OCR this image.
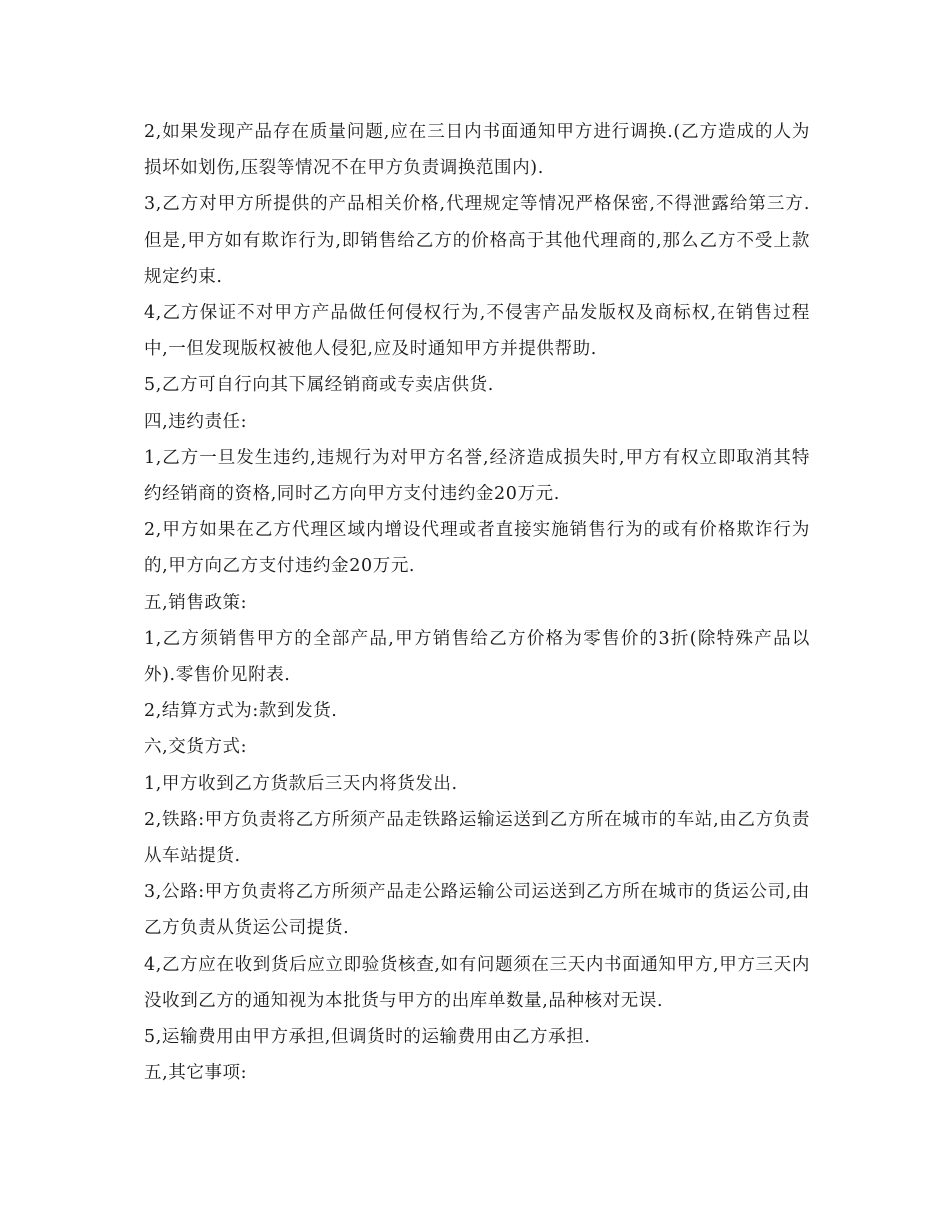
2,如果发现产品存在质量问题,应在三日内书面通知甲方进行调换.(乙方造成的人为损坏如划伤,压裂等情况不在甲方负责调换范围内).

3,乙方对甲方所提供的产品相关价格,代理规定等情况严格保密,不得泄露给第三方.但是,甲方如有欺诈行为,即销售给乙方的价格高于其他代理商的,那么乙方不受上款规定约束.

4,乙方保证不对甲方产品做任何侵权行为,不侵害产品发版权及商标权,在销售过程中,一但发现版权被他人侵犯,应及时通知甲方并提供帮助.

5,乙方可自行向其下属经销商或专卖店供货.

四,违约责任:

1,乙方一旦发生违约,违规行为对甲方名誉,经济造成损失时,甲方有权立即取消其特约经销商的资格,同时乙方向甲方支付违约金20万元.

2,甲方如果在乙方代理区域内增设代理或者直接实施销售行为的或有价格欺诈行为的,甲方向乙方支付违约金20万元.

五,销售政策:

1,乙方须销售甲方的全部产品,甲方销售给乙方价格为零售价的3折(除特殊产品以外).零售价见附表.

2,结算方式为:款到发货.

六,交货方式:

1,甲方收到乙方货款后三天内将货发出.

2,铁路:甲方负责将乙方所须产品走铁路运输运送到乙方所在城市的车站,由乙方负责从车站提货.

3,公路:甲方负责将乙方所须产品走公路运输公司运送到乙方所在城市的货运公司,由乙方负责从货运公司提货.

4,乙方应在收到货后应立即验货核查,如有问题须在三天内书面通知甲方,甲方三天内没收到乙方的通知视为本批货与甲方的出库单数量,品种核对无误.

5,运输费用由甲方承担,但调货时的运输费用由乙方承担.

五,其它事项:
